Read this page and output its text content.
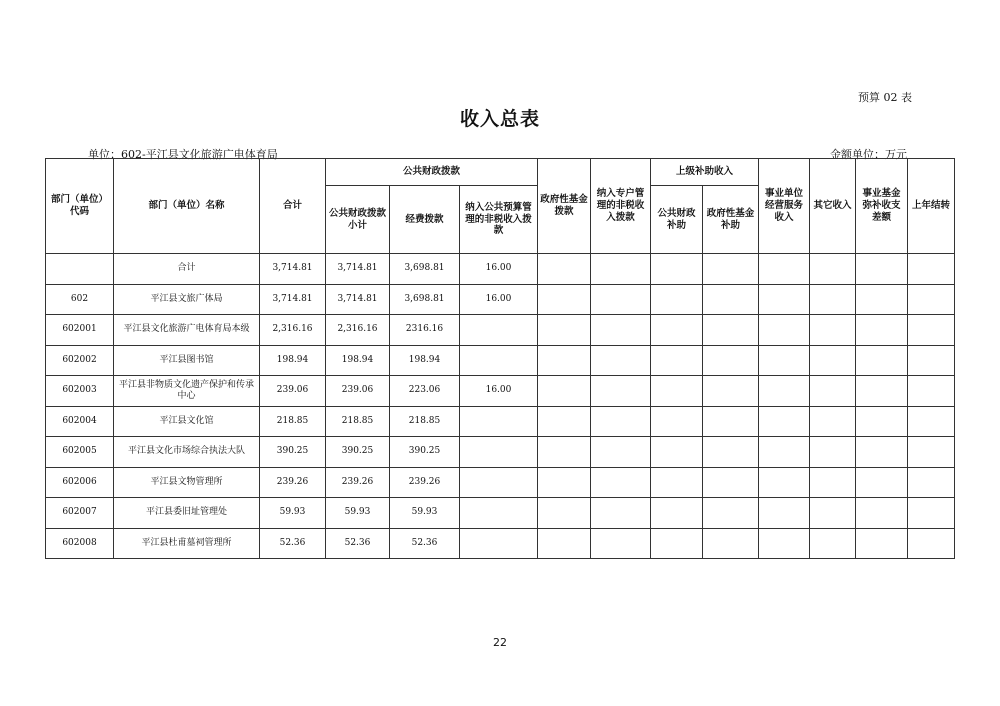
预算 02 表
收入总表
单位：602-平江县文化旅游广电体育局	金额单位：万元
部门（单位）代码	部门（单位）名称	合计	公共财政拨款			政府性基金拨款	纳入专户管理的非税收入拨款	上级补助收入		事业单位经营服务收入	其它收入	事业基金弥补收支差额	上年结转
			公共财政拨款小计	经费拨款	纳入公共预算管理的非税收入拨款			公共财政补助	政府性基金补助				
	合计	3,714.81	3,714.81	3,698.81	16.00								
602	平江县文旅广体局	3,714.81	3,714.81	3,698.81	16.00								
602001	平江县文化旅游广电体育局本级	2,316.16	2,316.16	2316.16									
602002	平江县图书馆	198.94	198.94	198.94									
602003	平江县非物质文化遗产保护和传承中心	239.06	239.06	223.06	16.00								
602004	平江县文化馆	218.85	218.85	218.85									
602005	平江县文化市场综合执法大队	390.25	390.25	390.25									
602006	平江县文物管理所	239.26	239.26	239.26									
602007	平江县委旧址管理处	59.93	59.93	59.93									
602008	平江县杜甫墓祠管理所	52.36	52.36	52.36									
22
